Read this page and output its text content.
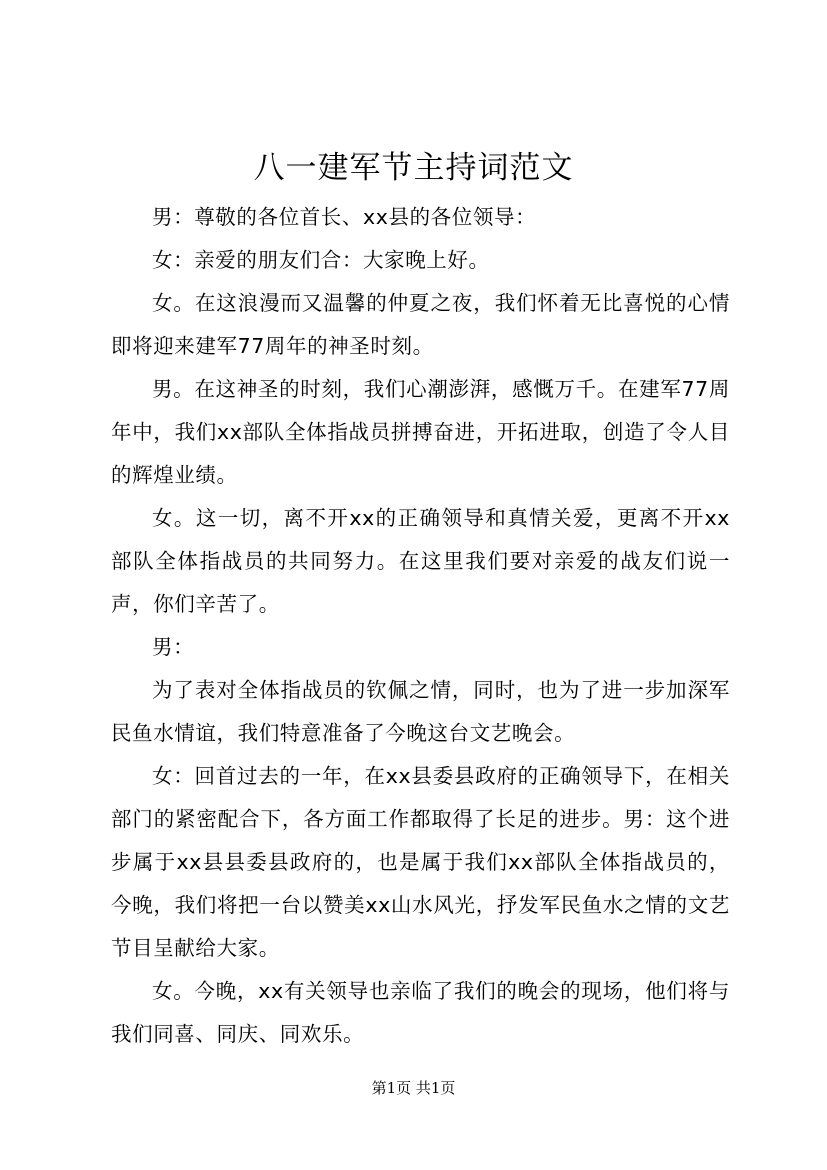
八一建军节主持词范文

男：尊敬的各位首长、xx县的各位领导：

女：亲爱的朋友们合：大家晚上好。

女。在这浪漫而又温馨的仲夏之夜，我们怀着无比喜悦的心情即将迎来建军77周年的神圣时刻。

男。在这神圣的时刻，我们心潮澎湃，感慨万千。在建军77周年中，我们xx部队全体指战员拼搏奋进，开拓进取，创造了令人目的辉煌业绩。

女。这一切，离不开xx的正确领导和真情关爱，更离不开xx部队全体指战员的共同努力。在这里我们要对亲爱的战友们说一声，你们辛苦了。

男：

为了表对全体指战员的钦佩之情，同时，也为了进一步加深军民鱼水情谊，我们特意准备了今晚这台文艺晚会。

女：回首过去的一年，在xx县委县政府的正确领导下，在相关部门的紧密配合下，各方面工作都取得了长足的进步。男：这个进步属于xx县县委县政府的，也是属于我们xx部队全体指战员的，今晚，我们将把一台以赞美xx山水风光，抒发军民鱼水之情的文艺节目呈献给大家。

女。今晚，xx有关领导也亲临了我们的晚会的现场，他们将与我们同喜、同庆、同欢乐。

第1页 共1页
